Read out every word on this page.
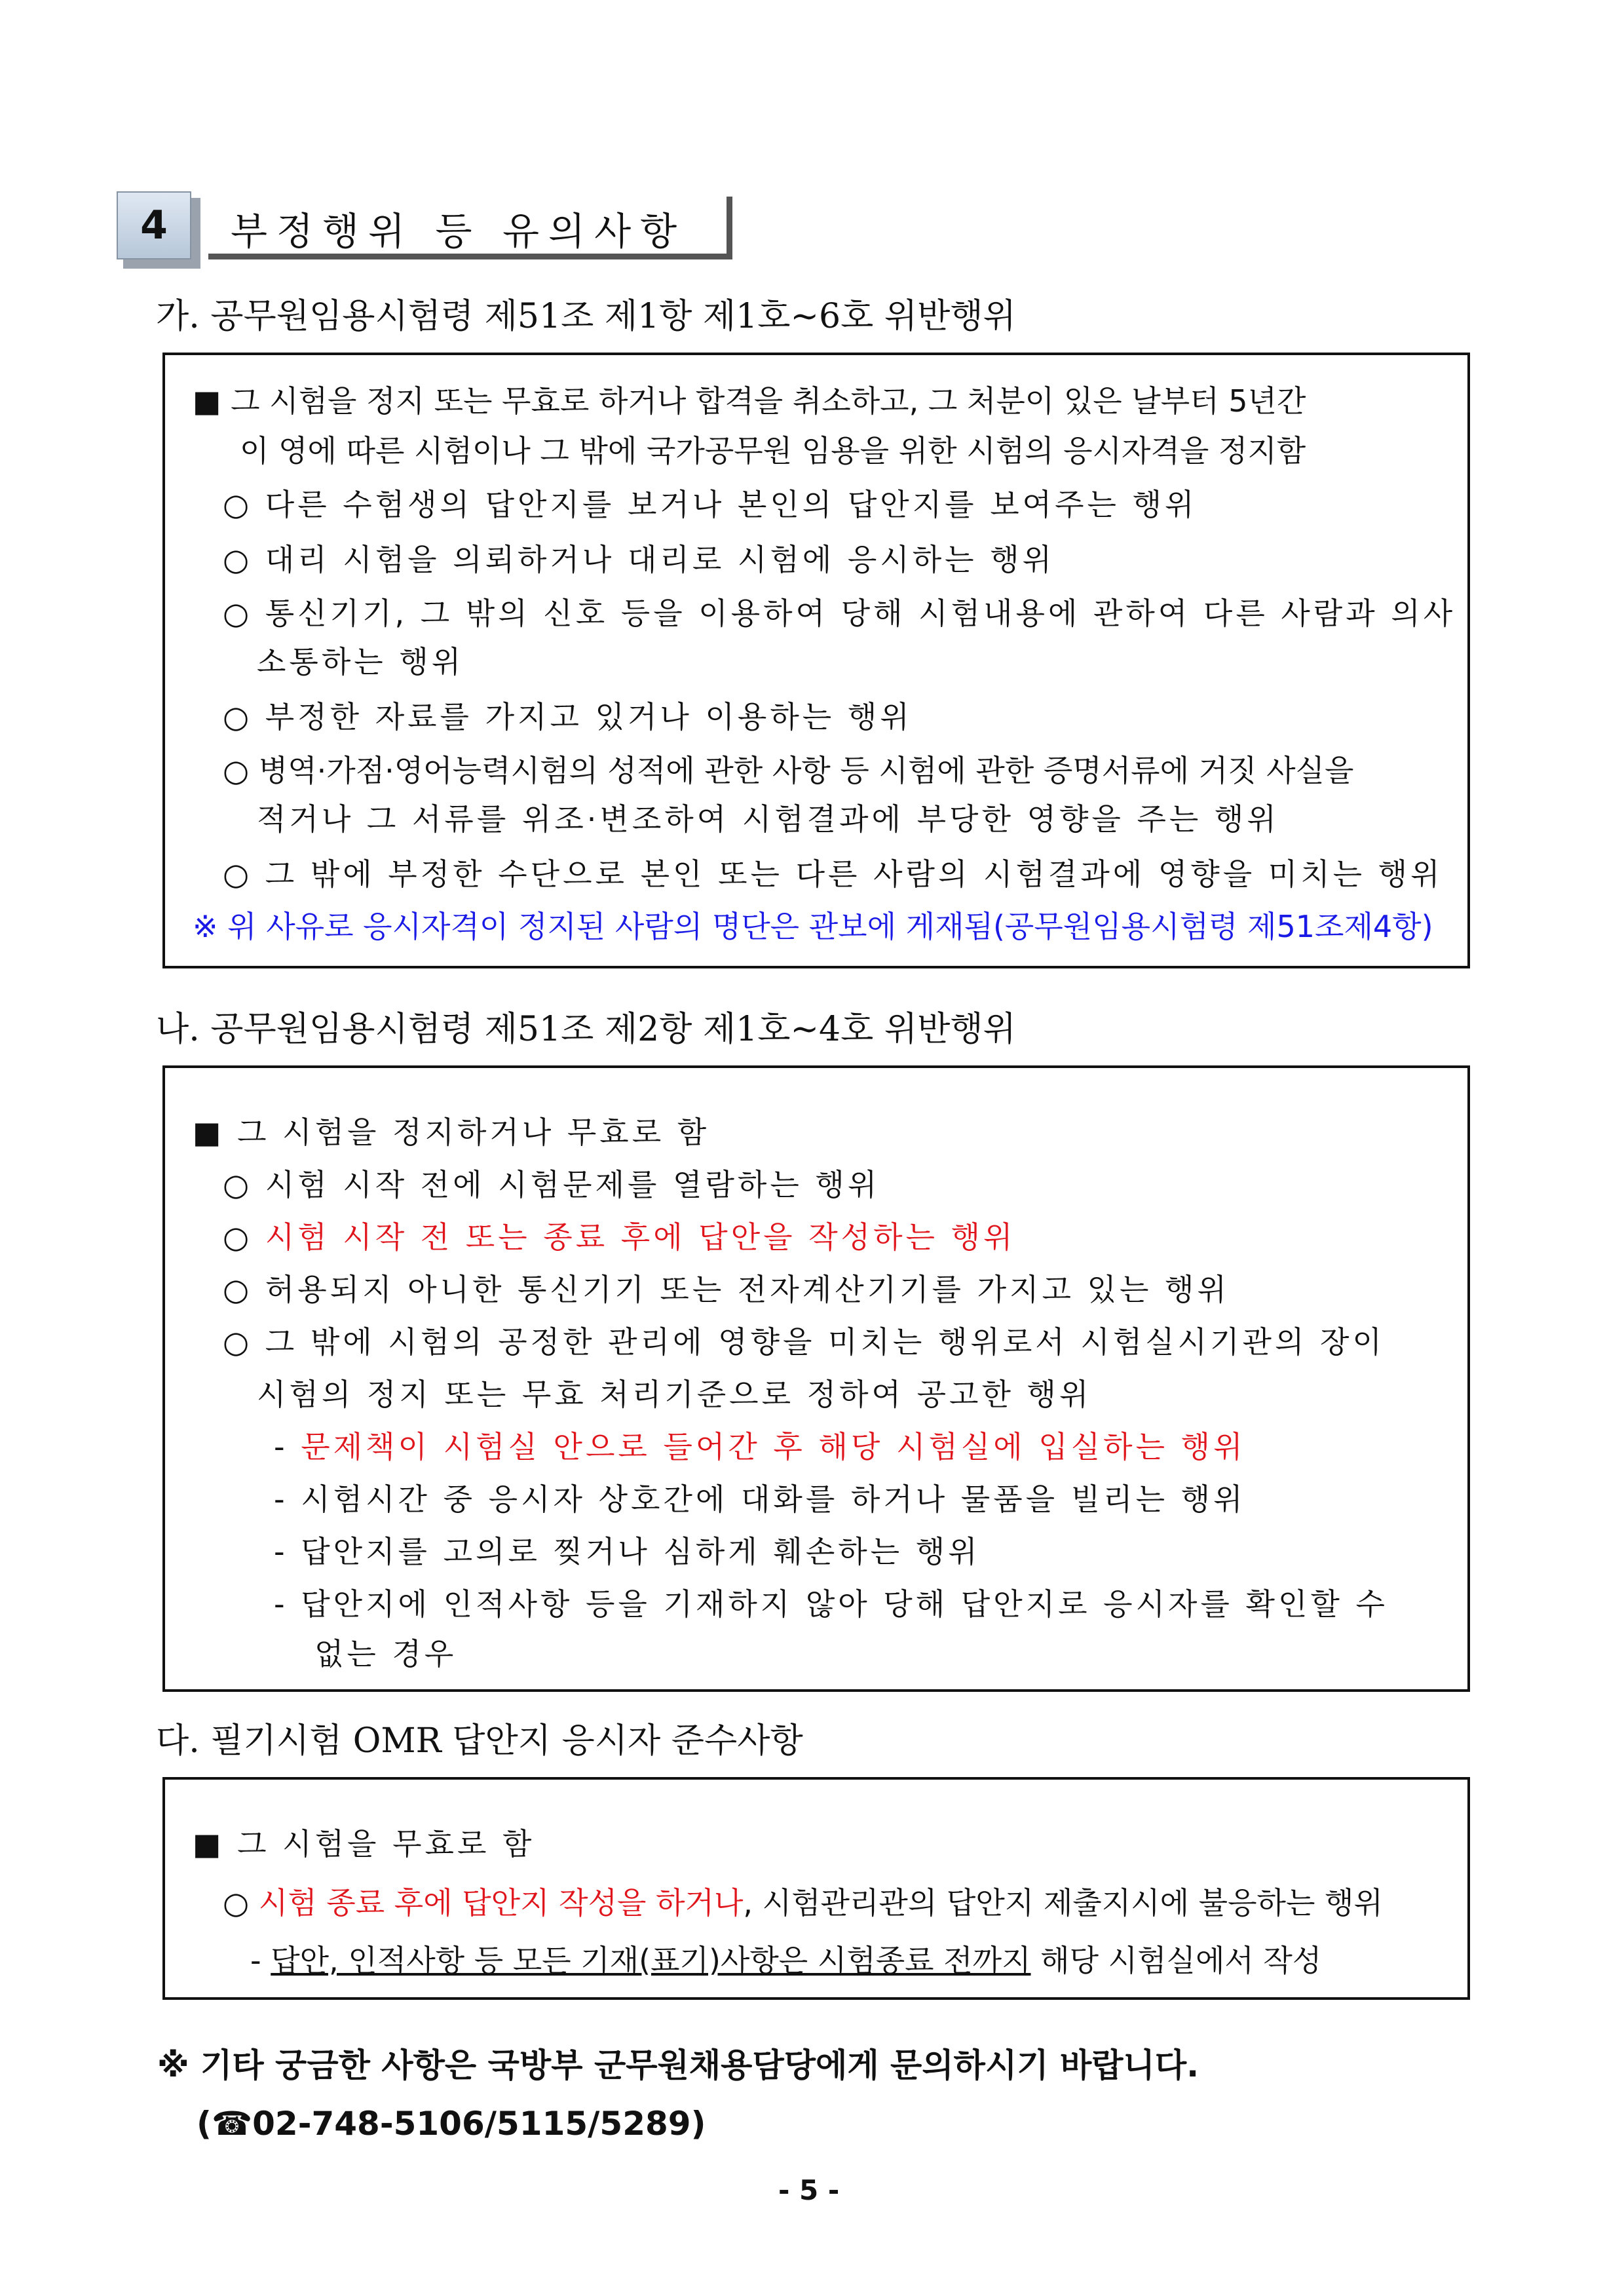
4	부정행위 등 유의사항
가. 공무원임용시험령 제51조 제1항 제1호~6호 위반행위
■ 그 시험을 정지 또는 무효로 하거나 합격을 취소하고, 그 처분이 있은 날부터 5년간
이 영에 따른 시험이나 그 밖에 국가공무원 임용을 위한 시험의 응시자격을 정지함
○ 다른 수험생의 답안지를 보거나 본인의 답안지를 보여주는 행위
○ 대리 시험을 의뢰하거나 대리로 시험에 응시하는 행위
○ 통신기기, 그 밖의 신호 등을 이용하여 당해 시험내용에 관하여 다른 사람과 의사
소통하는 행위
○ 부정한 자료를 가지고 있거나 이용하는 행위
○ 병역·가점·영어능력시험의 성적에 관한 사항 등 시험에 관한 증명서류에 거짓 사실을
적거나 그 서류를 위조·변조하여 시험결과에 부당한 영향을 주는 행위
○ 그 밖에 부정한 수단으로 본인 또는 다른 사람의 시험결과에 영향을 미치는 행위
※ 위 사유로 응시자격이 정지된 사람의 명단은 관보에 게재됨(공무원임용시험령 제51조제4항)
나. 공무원임용시험령 제51조 제2항 제1호~4호 위반행위
■ 그 시험을 정지하거나 무효로 함
○ 시험 시작 전에 시험문제를 열람하는 행위
○ 시험 시작 전 또는 종료 후에 답안을 작성하는 행위
○ 허용되지 아니한 통신기기 또는 전자계산기기를 가지고 있는 행위
○ 그 밖에 시험의 공정한 관리에 영향을 미치는 행위로서 시험실시기관의 장이
시험의 정지 또는 무효 처리기준으로 정하여 공고한 행위
- 문제책이 시험실 안으로 들어간 후 해당 시험실에 입실하는 행위
- 시험시간 중 응시자 상호간에 대화를 하거나 물품을 빌리는 행위
- 답안지를 고의로 찢거나 심하게 훼손하는 행위
- 답안지에 인적사항 등을 기재하지 않아 당해 답안지로 응시자를 확인할 수
없는 경우
다. 필기시험 OMR 답안지 응시자 준수사항
■ 그 시험을 무효로 함
○ 시험 종료 후에 답안지 작성을 하거나, 시험관리관의 답안지 제출지시에 불응하는 행위
- 답안, 인적사항 등 모든 기재(표기)사항은 시험종료 전까지 해당 시험실에서 작성
※ 기타 궁금한 사항은 국방부 군무원채용담당에게 문의하시기 바랍니다.
(☎02-748-5106/5115/5289)
- 5 -
